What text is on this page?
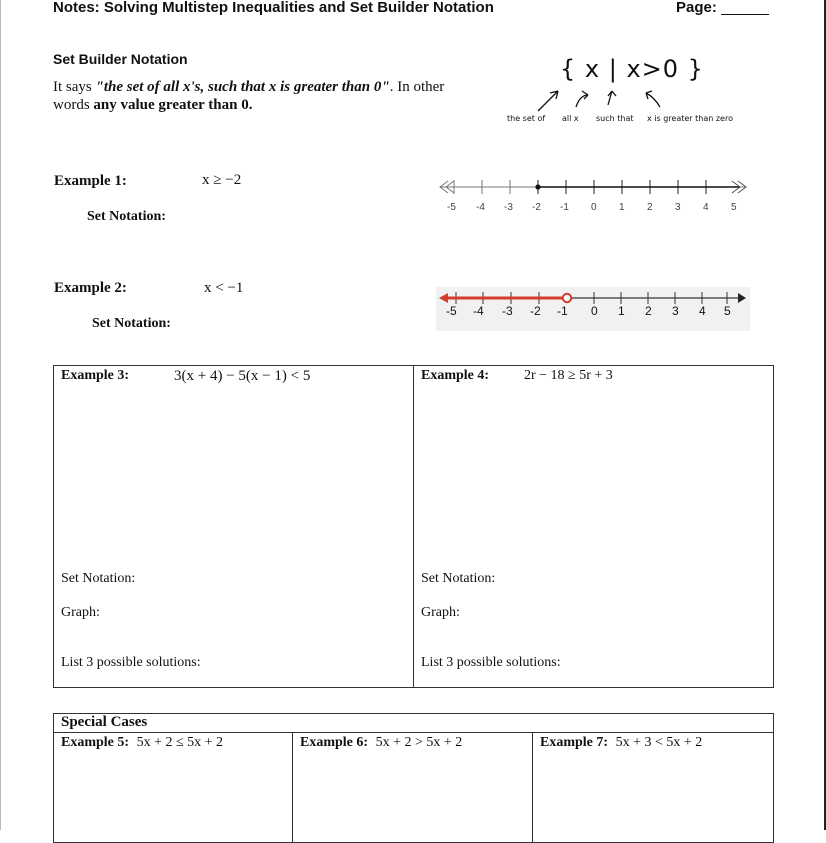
Notes: Solving Multistep Inequalities and Set Builder Notation	Page:
Set Builder Notation
It says "the set of all x's, such that x is greater than 0". In other
words any value greater than 0.
{ x | x>0 }
the set of all x such that x is greater than zero
Example 1:	x ≥ −2
Set Notation:
-5 -4 -3 -2 -1 0 1 2 3 4 5
Example 2:	x < −1
Set Notation:
-5 -4 -3 -2 -1 0 1 2 3 4 5
Example 3:	3(x + 4) − 5(x − 1) < 5
Set Notation:
Graph:
List 3 possible solutions:
Example 4: 2r − 18 ≥ 5r + 3
Set Notation:
Graph:
List 3 possible solutions:
Special Cases
Example 5: 5x + 2 ≤ 5x + 2	Example 6: 5x + 2 > 5x + 2	Example 7: 5x + 3 < 5x + 2
